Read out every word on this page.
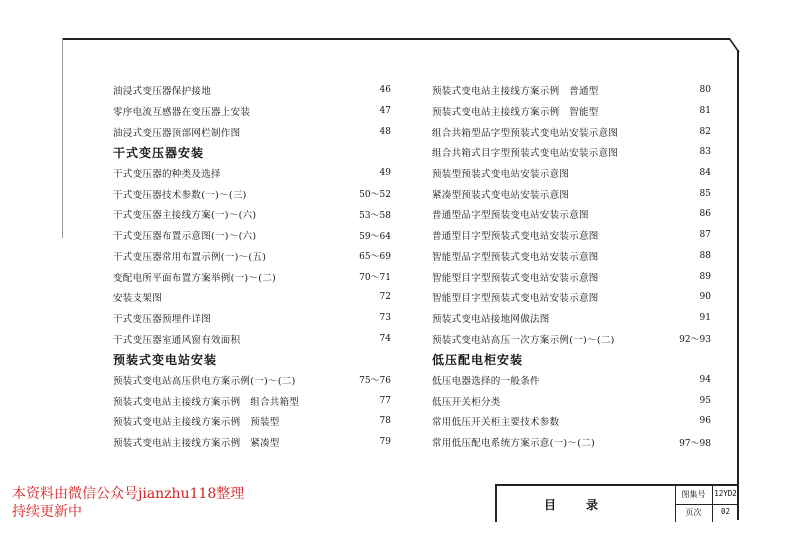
油浸式变压器保护接地	46
零序电流互感器在变压器上安装	47
油浸式变压器顶部网栏制作图	48
干式变压器安装
干式变压器的种类及选择	49
干式变压器技术参数(一)～(三)	50～52
干式变压器主接线方案(一)～(六)	53～58
干式变压器布置示意图(一)～(六)	59～64
干式变压器常用布置示例(一)～(五)	65～69
变配电所平面布置方案举例(一)～(二)	70～71
安装支架图	72
干式变压器预埋件详图	73
干式变压器室通风窗有效面积	74
预装式变电站安装
预装式变电站高压供电方案示例(一)～(二)	75～76
预装式变电站主接线方案示例　组合共箱型	77
预装式变电站主接线方案示例　预装型	78
预装式变电站主接线方案示例　紧凑型	79
预装式变电站主接线方案示例　普通型	80
预装式变电站主接线方案示例　智能型	81
组合共箱型品字型预装式变电站安装示意图	82
组合共箱式目字型预装式变电站安装示意图	83
预装型预装式变电站安装示意图	84
紧凑型预装式变电站安装示意图	85
普通型品字型预装变电站安装示意图	86
普通型目字型预装式变电站安装示意图	87
智能型品字型预装式变电站安装示意图	88
智能型目字型预装式变电站安装示意图	89
智能型目字型预装式变电站安装示意图	90
预装式变电站接地网做法图	91
预装式变电站高压一次方案示例(一)～(二)	92～93
低压配电柜安装
低压电器选择的一般条件	94
低压开关柜分类	95
常用低压开关柜主要技术参数	96
常用低压配电系统方案示意(一)～(二)	97～98
目录
图集号	12YD2
页次	02
本资料由微信公众号jianzhu118整理
持续更新中
